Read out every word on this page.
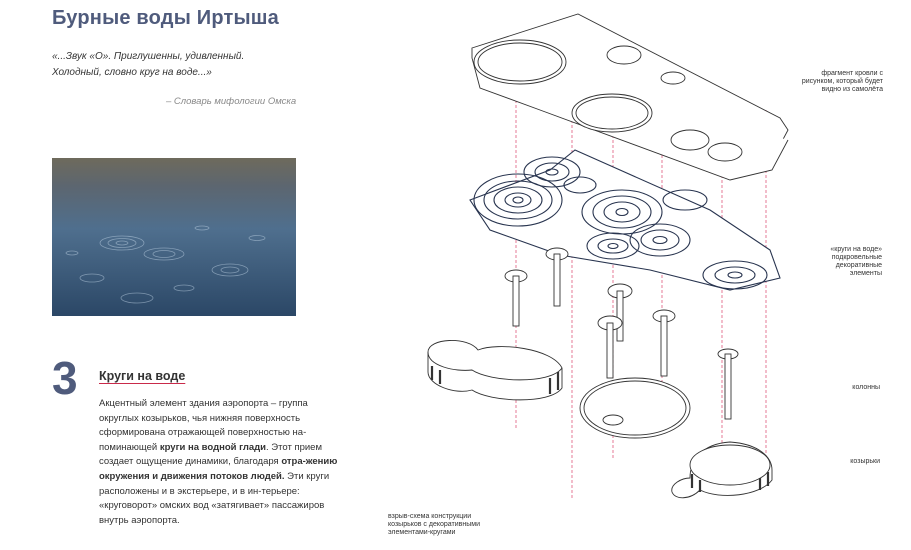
Бурные воды Иртыша
«...Звук «О». Приглушенны, удивленный.
Холодный, словно круг на воде...»
– Словарь мифологии Омска
3 Круги на воде
Акцентный элемент здания аэропорта – группа округлых козырьков, чья нижняя поверхность сформирована отражающей поверхностью на-поминающей круги на водной глади. Этот прием создает ощущение динамики, благодаря отра-жению окружения и движения потоков людей. Эти круги расположены и в экстерьере, и в ин-терьере: «круговорот» омских вод «затягивает» пассажиров внутрь аэропорта.
фрагмент кровли с рисунком, который будет видно из самолёта
«круги на воде» подкровельные декоративные элементы
колонны
козырьки
взрыв-схема конструкции козырьков с декоративными элементами-кругами
